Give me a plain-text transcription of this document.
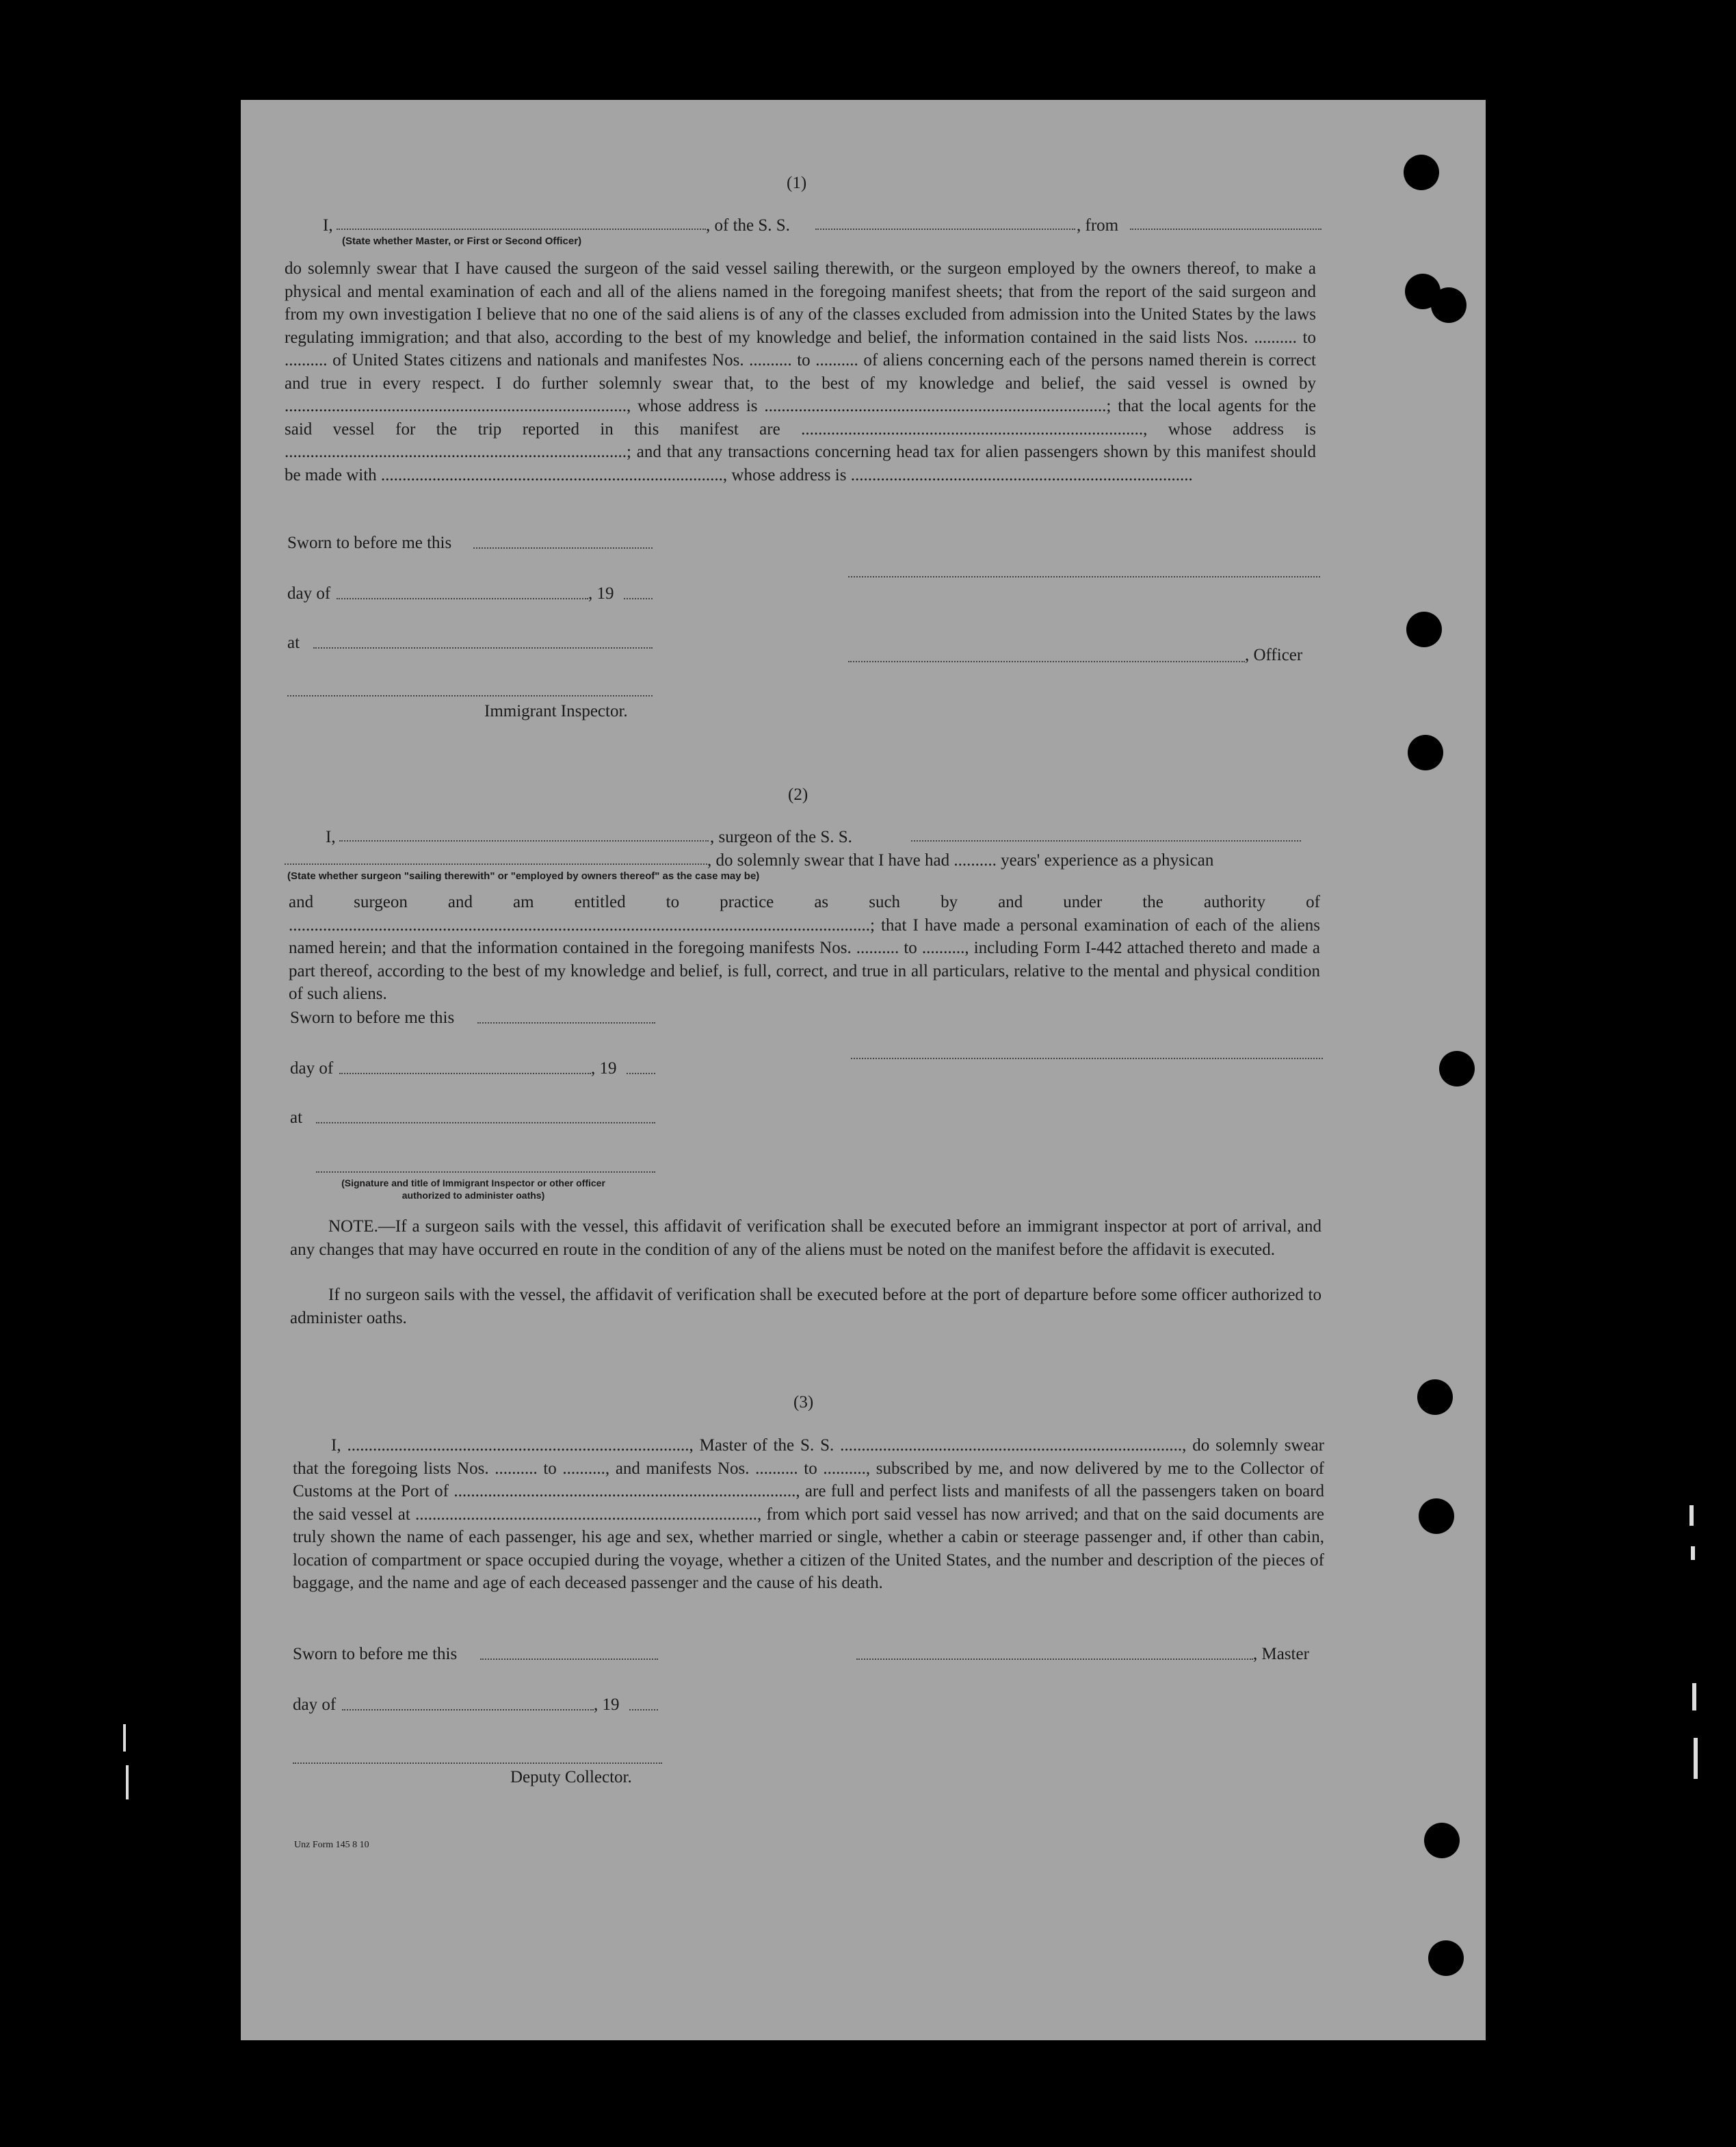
(1)
I,	, of the S. S.	, from
(State whether Master, or First or Second Officer)
do solemnly swear that I have caused the surgeon of the said vessel sailing therewith, or the surgeon employed by the owners thereof, to make a physical and mental examination of each and all of the aliens named in the foregoing manifest sheets; that from the report of the said surgeon and from my own investigation I believe that no one of the said aliens is of any of the classes excluded from admission into the United States by the laws regulating immigration; and that also, according to the best of my knowledge and belief, the information contained in the said lists Nos. .......... to .......... of United States citizens and nationals and manifestes Nos. .......... to .......... of aliens concerning each of the persons named therein is correct and true in every respect. I do further solemnly swear that, to the best of my knowledge and belief, the said vessel is owned by ................................................................................, whose address is ................................................................................; that the local agents for the said vessel for the trip reported in this manifest are ................................................................................, whose address is ................................................................................; and that any transactions concerning head tax for alien passengers shown by this manifest should be made with ................................................................................, whose address is ................................................................................
Sworn to before me this
day of	, 19
at
, Officer
Immigrant Inspector.
(2)
I,	, surgeon of the S. S.
, do solemnly swear that I have had .......... years' experience as a physican
(State whether surgeon "sailing therewith" or "employed by owners thereof" as the case may be)
and surgeon and am entitled to practice as such by and under the authority of ........................................................................................................................................; that I have made a personal examination of each of the aliens named herein; and that the information contained in the foregoing manifests Nos. .......... to .........., including Form I-442 attached thereto and made a part thereof, according to the best of my knowledge and belief, is full, correct, and true in all particulars, relative to the mental and physical condition of such aliens.
Sworn to before me this
day of	, 19
at
(Signature and title of Immigrant Inspector or other officer authorized to administer oaths)
NOTE.—If a surgeon sails with the vessel, this affidavit of verification shall be executed before an immigrant inspector at port of arrival, and any changes that may have occurred en route in the condition of any of the aliens must be noted on the manifest before the affidavit is executed.
If no surgeon sails with the vessel, the affidavit of verification shall be executed before at the port of departure before some officer authorized to administer oaths.
(3)
I, ................................................................................, Master of the S. S. ................................................................................, do solemnly swear that the foregoing lists Nos. .......... to .........., and manifests Nos. .......... to .........., subscribed by me, and now delivered by me to the Collector of Customs at the Port of ................................................................................, are full and perfect lists and manifests of all the passengers taken on board the said vessel at ................................................................................, from which port said vessel has now arrived; and that on the said documents are truly shown the name of each passenger, his age and sex, whether married or single, whether a cabin or steerage passenger and, if other than cabin, location of compartment or space occupied during the voyage, whether a citizen of the United States, and the number and description of the pieces of baggage, and the name and age of each deceased passenger and the cause of his death.
Sworn to before me this	, Master
day of	, 19
Deputy Collector.
Unz Form 145 8 10
